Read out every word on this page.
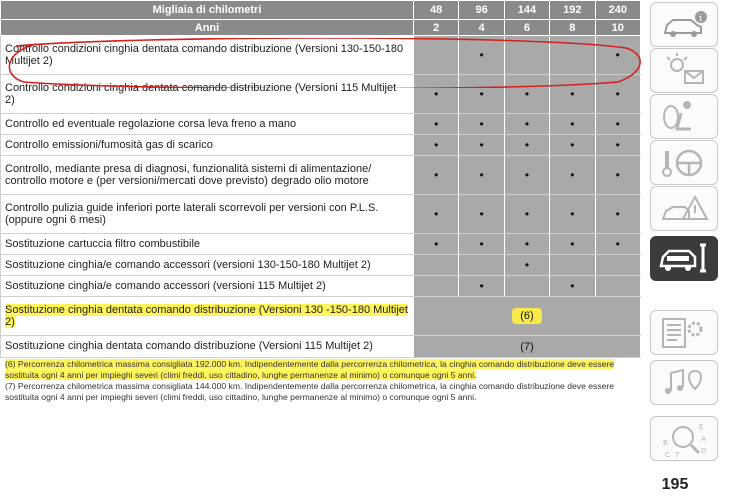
Migliaia di chilometri	48	96	144	192	240
Anni	2	4	6	8	10
Controllo condizioni cinghia dentata comando distribuzione (Versioni 130-150-180 Multijet 2)		•			•
Controllo condizioni cinghia dentata comando distribuzione (Versioni 115 Multijet 2)	•	•	•	•	•
Controllo ed eventuale regolazione corsa leva freno a mano	•	•	•	•	•
Controllo emissioni/fumosità gas di scarico	•	•	•	•	•
Controllo, mediante presa di diagnosi, funzionalità sistemi di alimentazione/ controllo motore e (per versioni/mercati dove previsto) degrado olio motore	•	•	•	•	•
Controllo pulizia guide inferiori porte laterali scorrevoli per versioni con P.L.S. (oppure ogni 6 mesi)	•	•	•	•	•
Sostituzione cartuccia filtro combustibile	•	•	•	•	•
Sostituzione cinghia/e comando accessori (versioni 130-150-180 Multijet 2)			•		
Sostituzione cinghia/e comando accessori (versioni 115 Multijet 2)		•		•	
Sostituzione cinghia dentata comando distribuzione (Versioni 130 -150-180 Multijet 2)	(6)				
Sostituzione cinghia dentata comando distribuzione (Versioni 115 Multijet 2)	(7)				

(6) Percorrenza chilometrica massima consigliata 192.000 km. Indipendentemente dalla percorrenza chilometrica, la cinghia comando distribuzione deve essere sostituita ogni 4 anni per impieghi severi (climi freddi, uso cittadino, lunghe permanenze al minimo) o comunque ogni 5 anni.

(7) Percorrenza chilometrica massima consigliata 144.000 km. Indipendentemente dalla percorrenza chilometrica, la cinghia comando distribuzione deve essere sostituita ogni 4 anni per impieghi severi (climi freddi, uso cittadino, lunghe permanenze al minimo) o comunque ogni 5 anni.

i
B
E
A
D
C T
195
